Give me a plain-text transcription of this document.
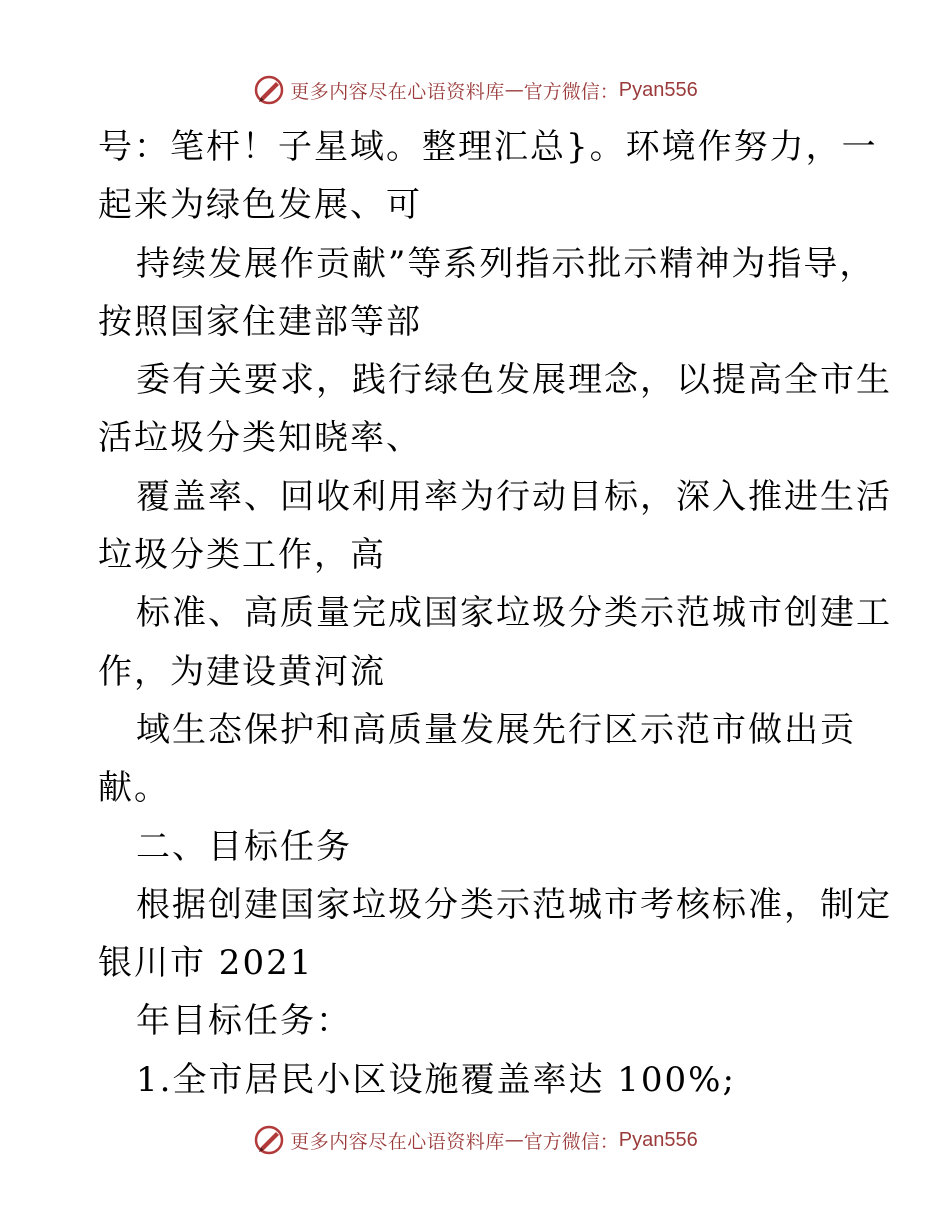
更多内容尽在心语资料库 — 官方微信： Pyan556
号：笔杆！子星域。整理汇总}。环境作努力，一
起来为绿色发展、可
持续发展作贡献”等系列指示批示精神为指导，
按照国家住建部等部
委有关要求，践行绿色发展理念，以提高全市生
活垃圾分类知晓率、
覆盖率、回收利用率为行动目标，深入推进生活
垃圾分类工作，高
标准、高质量完成国家垃圾分类示范城市创建工
作，为建设黄河流
域生态保护和高质量发展先行区示范市做出贡
献。
二、目标任务
根据创建国家垃圾分类示范城市考核标准，制定
银川市 2021
年目标任务：
1.全市居民小区设施覆盖率达 100%;
更多内容尽在心语资料库 — 官方微信： Pyan556
